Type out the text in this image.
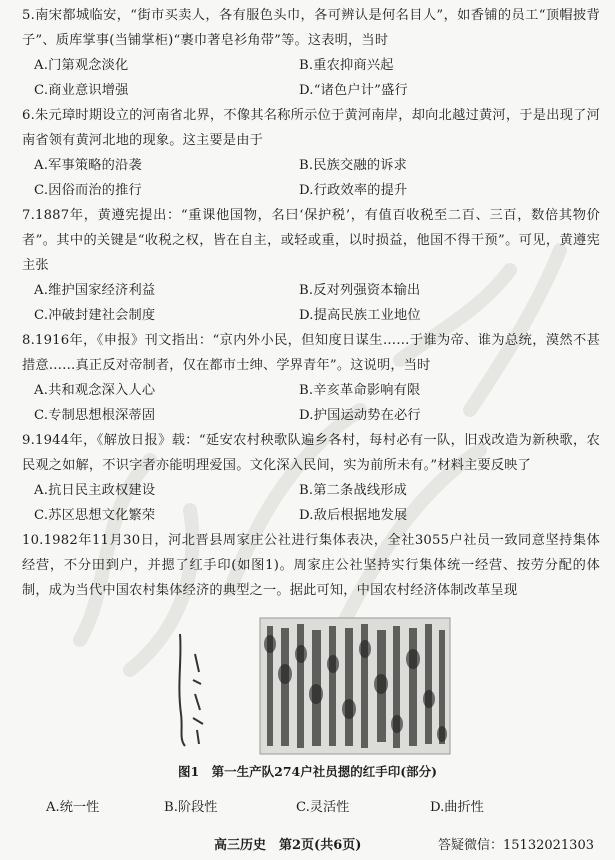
5.南宋都城临安，“街市买卖人，各有服色头巾，各可辨认是何名目人”，如香铺的员工“顶帽披背子”、质库掌事(当铺掌柜)“裹巾著皂衫角带”等。这表明，当时

A.门第观念淡化	B.重农抑商兴起

C.商业意识增强	D.“诸色户计”盛行

6.朱元璋时期设立的河南省北界，不像其名称所示位于黄河南岸，却向北越过黄河，于是出现了河南省领有黄河北地的现象。这主要是由于

A.军事策略的沿袭	B.民族交融的诉求

C.因俗而治的推行	D.行政效率的提升

7.1887年，黄遵宪提出：“重课他国物，名曰‘保护税’，有值百收税至二百、三百，数倍其物价者”。其中的关键是“收税之权，皆在自主，或轻或重，以时损益，他国不得干预”。可见，黄遵宪主张

A.维护国家经济利益	B.反对列强资本输出

C.冲破封建社会制度	D.提高民族工业地位

8.1916年，《申报》刊文指出：“京内外小民，但知度日谋生……于谁为帝、谁为总统，漠然不甚措意……真正反对帝制者，仅在都市士绅、学界青年”。这说明，当时

A.共和观念深入人心	B.辛亥革命影响有限

C.专制思想根深蒂固	D.护国运动势在必行

9.1944年，《解放日报》载：“延安农村秧歌队遍乡各村，每村必有一队，旧戏改造为新秧歌，农民观之如解，不识字者亦能明理爱国。文化深入民间，实为前所未有。”材料主要反映了

A.抗日民主政权建设	B.第二条战线形成

C.苏区思想文化繁荣	D.敌后根据地发展

10.1982年11月30日，河北晋县周家庄公社进行集体表决，全社3055户社员一致同意坚持集体经营，不分田到户，并摁了红手印(如图1)。周家庄公社坚持实行集体统一经营、按劳分配的体制，成为当代中国农村集体经济的典型之一。据此可知，中国农村经济体制改革呈现

图1　第一生产队274户社员摁的红手印(部分)
A.统一性	B.阶段性	C.灵活性	D.曲折性
高三历史　第2页(共6页)	答疑微信：15132021303
